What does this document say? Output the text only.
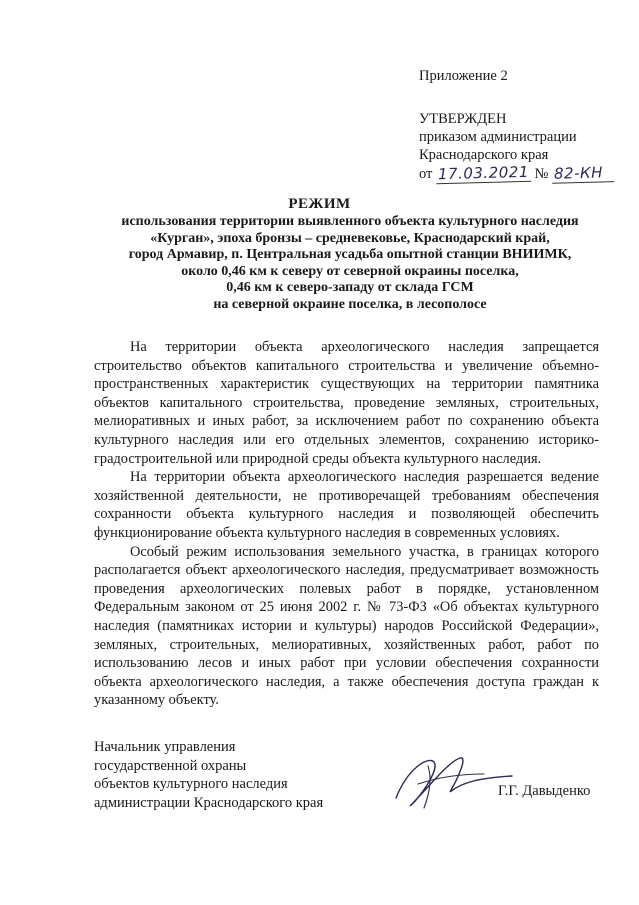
Приложение 2
УТВЕРЖДЕН
приказом администрации
Краснодарского края
от 17.03.2021 № 82-КН
РЕЖИМ
использования территории выявленного объекта культурного наследия
«Курган», эпоха бронзы – средневековье, Краснодарский край,
город Армавир, п. Центральная усадьба опытной станции ВНИИМК,
около 0,46 км к северу от северной окраины поселка,
0,46 км к северо-западу от склада ГСМ
на северной окраине поселка, в лесополосе

На территории объекта археологического наследия запрещается строительство объектов капитального строительства и увеличение объемно-пространственных характеристик существующих на территории памятника объектов капитального строительства, проведение земляных, строительных, мелиоративных и иных работ, за исключением работ по сохранению объекта культурного наследия или его отдельных элементов, сохранению историко-градостроительной или природной среды объекта культурного наследия.

На территории объекта археологического наследия разрешается ведение хозяйственной деятельности, не противоречащей требованиям обеспечения сохранности объекта культурного наследия и позволяющей обеспечить функционирование объекта культурного наследия в современных условиях.

Особый режим использования земельного участка, в границах которого располагается объект археологического наследия, предусматривает возможность проведения археологических полевых работ в порядке, установленном Федеральным законом от 25 июня 2002 г. № 73-ФЗ «Об объектах культурного наследия (памятниках истории и культуры) народов Российской Федерации», земляных, строительных, мелиоративных, хозяйственных работ, работ по использованию лесов и иных работ при условии обеспечения сохранности объекта археологического наследия, а также обеспечения доступа граждан к указанному объекту.

Начальник управления
государственной охраны
объектов культурного наследия
администрации Краснодарского края
Г.Г. Давыденко
